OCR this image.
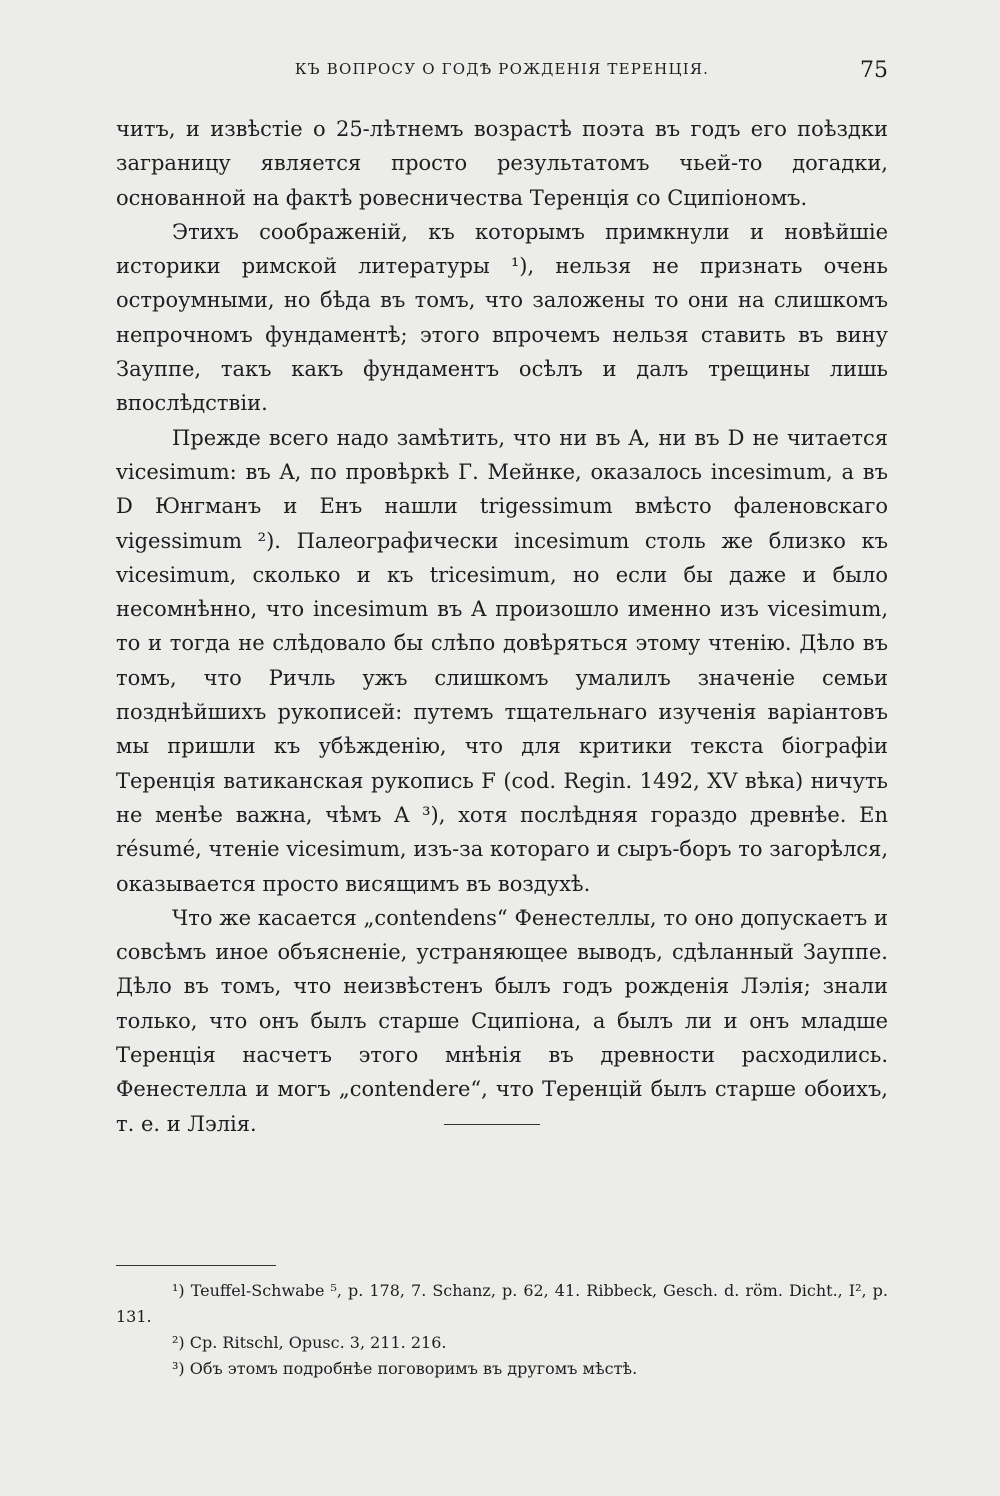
КЪ ВОПРОСУ О ГОДѢ РОЖДЕНІЯ ТЕРЕНЦІЯ.	75

читъ, и извѣстіе о 25-лѣтнемъ возрастѣ поэта въ годъ его поѣздки заграницу является просто результатомъ чьей-то догадки, основанной на фактѣ ровесничества Теренція со Сципіономъ.

Этихъ соображеній, къ которымъ примкнули и новѣйшіе историки римской литературы ¹), нельзя не признать очень остроумными, но бѣда въ томъ, что заложены то они на слишкомъ непрочномъ фундаментѣ; этого впрочемъ нельзя ставить въ вину Зауппе, такъ какъ фундаментъ осѣлъ и далъ трещины лишь впослѣдствіи.

Прежде всего надо замѣтить, что ни въ A, ни въ D не читается vicesimum: въ A, по провѣркѣ Г. Мейнке, оказалось incesimum, а въ D Юнгманъ и Енъ нашли trigessimum вмѣсто фаленовскаго vigessimum ²). Палеографически incesimum столь же близко къ vicesimum, сколько и къ tricesimum, но если бы даже и было несомнѣнно, что incesimum въ A произошло именно изъ vicesimum, то и тогда не слѣдовало бы слѣпо довѣряться этому чтенію. Дѣло въ томъ, что Ричль ужъ слишкомъ умалилъ значеніе семьи позднѣйшихъ рукописей: путемъ тщательнаго изученія варіантовъ мы пришли къ убѣжденію, что для критики текста біографіи Теренція ватиканская рукопись F (cod. Regin. 1492, XV вѣка) ничуть не менѣе важна, чѣмъ A ³), хотя послѣдняя гораздо древнѣе. En résumé, чтеніе vicesimum, изъ-за котораго и сыръ-боръ то загорѣлся, оказывается просто висящимъ въ воздухѣ.

Что же касается „contendens“ Фенестеллы, то оно допускаетъ и совсѣмъ иное объясненіе, устраняющее выводъ, сдѣланный Зауппе. Дѣло въ томъ, что неизвѣстенъ былъ годъ рожденія Лэлія; знали только, что онъ былъ старше Сципіона, а былъ ли и онъ младше Теренція насчетъ этого мнѣнія въ древности расходились. Фенестелла и могъ „contendere“, что Теренцій былъ старше обоихъ, т. е. и Лэлія.

¹) Teuffel-Schwabe ⁵, p. 178, 7. Schanz, p. 62, 41. Ribbeck, Gesch. d. röm. Dicht., I², p. 131.

²) Cp. Ritschl, Opusc. 3, 211. 216.

³) Объ этомъ подробнѣе поговоримъ въ другомъ мѣстѣ.
